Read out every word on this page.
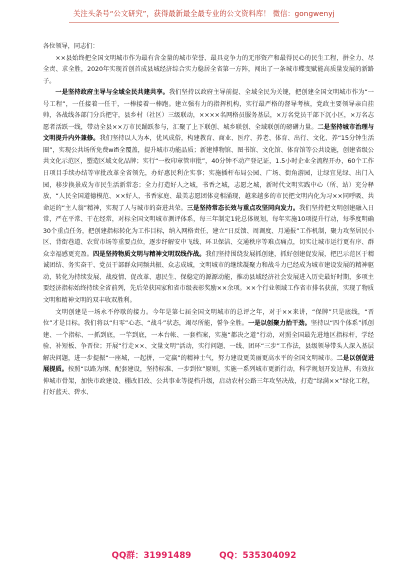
关注头条号“公文研究”，获得最新最全最专业的公文资料库！ 微信：gongwenyj

各位领导，同志们：

××县始终把全国文明城市作为最有含金量的城市荣誉、最具竞争力的无形资产和最得民心的民生工程，拼全力、尽全责、求全胜，2020年实现首创首成县城经济综合实力稳居全省第一方阵，闯出了一条城市蝶变赋能高质量发展的新路子。

一是坚持政府主导与全域全民共建共享。我们坚持以政府主导前提、全域全民为关键，把创建全国文明城市作为“一号工程”，一任接着一任干，一棒接着一棒跑。建立强有力的指挥机构，实行最严格的督导考核，党政主要领导亲自挂帅，各战线各部门分兵把守，县乡村（社区）三级联动，××××名网格员服务基层，×万名党员干部下沉小区，×万名志愿者活跃一线，带动全县××万市民踊跃参与，汇聚了上下联创、城乡联创、全域联创的磅礴力量。二是坚持城市治理与文明提升内外兼修。我们坚持以人为本，优风成俗，构建教育、商业、医疗、养老、体育、出行、文化、养“15分钟生活圈”，实现公共场所免费wifi全覆盖，提升城市功能品质；新建博物馆、图书馆、文化馆、体育馆等公共设施，创建省级公共文化示范区，塑造区域文化品牌；实行“一枚印章管审批”，40分钟不动产登记证，1.5小时企业全流程开办，60个工作日项目手续办结等审批改革全省领先，办好惠民利企实事；实施插杆布局公园、广场、街角游园，让绿宜见绿、出门入园，移步换景成为市民生活新常态；全力打造好人之城，书香之城，志愿之城，新时代文明实践中心（所、站）充分释放，“人民全国道德模范、××好人，书香家庭、最美志愿团体竞相涌现，越来越多的市民把文明内化为习××同呼吸、共命运的“主人翁”精神，实现了人与城市的奋进共荣。三是坚持常态长效与重点攻坚同向发力。我们坚持把文明创建融入日常，严在平常、干在经常，对标全国文明城市测评体系，每三年制定1轮总体规划，每年实施10项提升行动，每季度明确30个重点任务，把创建指标转化为工作目标，纳入网格责任，建立“日反馈、周调度、月通报”工作机制，聚力攻坚居民小区、背街巷道、农贸市场等重要点位，逐步纾解安中飞线、环卫保洁、交通秩序等难点痛点，切实让城市运行更有序、群众幸福感更充盈。四是坚持物质文明与精神文明双线作战。我们坚持围绕发展抓创建，抓好创建促发展，把巴示范区于精诚团结、务实奋干、党员干部群众同频共振、众志成城，文明城市的继续凝聚力和战斗力已经成为城市建设发展的精神驱动，转化为持续发展、战疫情、促改革、惠民生、保稳定的源源动能，推动县域经济社会发展进入历史最好时期，多项主要经济指标始终持续全省前列，先后荣获国家和省市级表彰奖励××余项。××个行业领域工作省市排名获前，实现了物质文明和精神文明的双丰收双胜利。

文明创建是一场永不停歇的接力。今年是第七届全国文明城市的总评之年，对于××来讲，“保牌”只是底线，“晋位”才是目标。我们将以“归零”心态、“战斗”状态，竭尽所能，誓争全胜。一是以创聚力抬干劲。坚持以“四个体系”抓创建、一个指标、一抓到底，一竿到底，一本台帐、一套档案，实施“都决之道”行动，对照全国最先进地区指标杆，学经验、补短板、争晋位；开展“行走××、文量文明”活动，实行问题、一线、团环“三步”工作法，县级领导带头人深入基层解决问题，进一步提振“一座城，一起拼，一定赢”的精神士气，努力建设更美丽更高水平的全国文明城市。二是以创促进展提质。按照“以路为纲、配套建设，坚持标准、一步到位”原则，实施一系列城市更新行动，科学规划开发边界，有效拉伸城市骨架，加快市政建设、棚改旧改、公共事业等提档升级，启动农村公路三年攻坚决战，打造“绿满××”绿化工程，打好蓝天、碧水、

QQ群：31991489	QQ：535304092
